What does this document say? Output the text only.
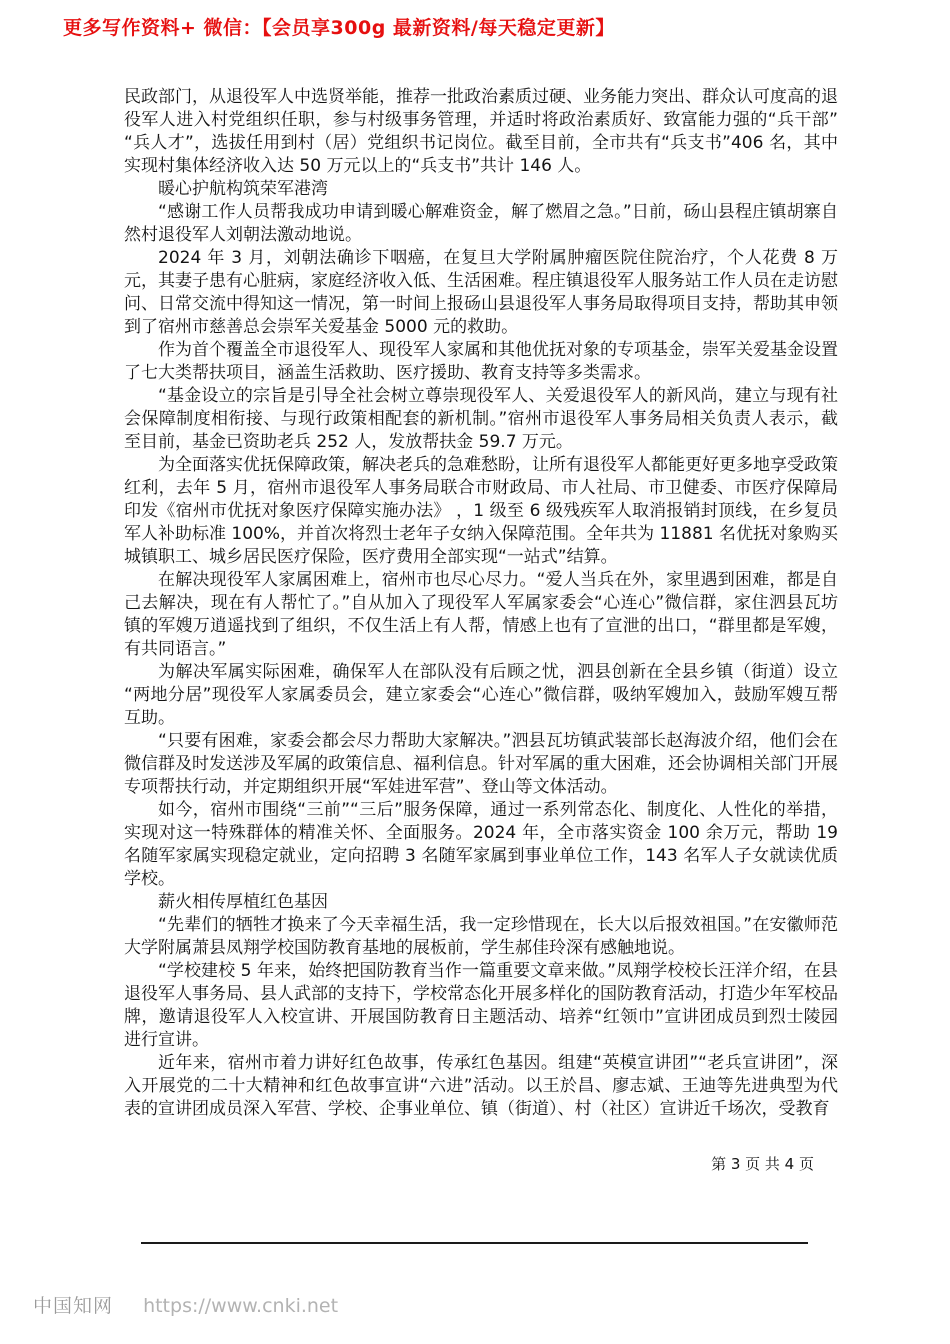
更多写作资料+ 微信：【会员享300g 最新资料/每天稳定更新】

民政部门，从退役军人中选贤举能，推荐一批政治素质过硬、业务能力突出、群众认可度高的退役军人进入村党组织任职，参与村级事务管理，并适时将政治素质好、致富能力强的“兵干部”“兵人才”，选拔任用到村（居）党组织书记岗位。截至目前，全市共有“兵支书”406 名，其中实现村集体经济收入达 50 万元以上的“兵支书”共计 146 人。

暖心护航构筑荣军港湾

“感谢工作人员帮我成功申请到暖心解难资金，解了燃眉之急。”日前，砀山县程庄镇胡寨自然村退役军人刘朝法激动地说。

2024 年 3 月，刘朝法确诊下咽癌，在复旦大学附属肿瘤医院住院治疗，个人花费 8 万元，其妻子患有心脏病，家庭经济收入低、生活困难。程庄镇退役军人服务站工作人员在走访慰问、日常交流中得知这一情况，第一时间上报砀山县退役军人事务局取得项目支持，帮助其申领到了宿州市慈善总会崇军关爱基金 5000 元的救助。

作为首个覆盖全市退役军人、现役军人家属和其他优抚对象的专项基金，崇军关爱基金设置了七大类帮扶项目，涵盖生活救助、医疗援助、教育支持等多类需求。

“基金设立的宗旨是引导全社会树立尊崇现役军人、关爱退役军人的新风尚，建立与现有社会保障制度相衔接、与现行政策相配套的新机制。”宿州市退役军人事务局相关负责人表示，截至目前，基金已资助老兵 252 人，发放帮扶金 59.7 万元。

为全面落实优抚保障政策，解决老兵的急难愁盼，让所有退役军人都能更好更多地享受政策红利，去年 5 月，宿州市退役军人事务局联合市财政局、市人社局、市卫健委、市医疗保障局印发《宿州市优抚对象医疗保障实施办法》 ，1 级至 6 级残疾军人取消报销封顶线，在乡复员军人补助标准 100%，并首次将烈士老年子女纳入保障范围。全年共为 11881 名优抚对象购买城镇职工、城乡居民医疗保险，医疗费用全部实现“一站式”结算。

在解决现役军人家属困难上，宿州市也尽心尽力。“爱人当兵在外，家里遇到困难，都是自己去解决，现在有人帮忙了。”自从加入了现役军人军属家委会“心连心”微信群，家住泗县瓦坊镇的军嫂万逍遥找到了组织，不仅生活上有人帮，情感上也有了宣泄的出口，“群里都是军嫂，有共同语言。”

为解决军属实际困难，确保军人在部队没有后顾之忧，泗县创新在全县乡镇（街道）设立“两地分居”现役军人家属委员会，建立家委会“心连心”微信群，吸纳军嫂加入，鼓励军嫂互帮互助。

“只要有困难，家委会都会尽力帮助大家解决。”泗县瓦坊镇武装部长赵海波介绍，他们会在微信群及时发送涉及军属的政策信息、福利信息。针对军属的重大困难，还会协调相关部门开展专项帮扶行动，并定期组织开展“军娃进军营”、登山等文体活动。

如今，宿州市围绕“三前”“三后”服务保障，通过一系列常态化、制度化、人性化的举措，实现对这一特殊群体的精准关怀、全面服务。2024 年，全市落实资金 100 余万元，帮助 19 名随军家属实现稳定就业，定向招聘 3 名随军家属到事业单位工作，143 名军人子女就读优质学校。

薪火相传厚植红色基因

“先辈们的牺牲才换来了今天幸福生活，我一定珍惜现在，长大以后报效祖国。”在安徽师范大学附属萧县凤翔学校国防教育基地的展板前，学生郝佳玲深有感触地说。

“学校建校 5 年来，始终把国防教育当作一篇重要文章来做。”凤翔学校校长汪洋介绍，在县退役军人事务局、县人武部的支持下，学校常态化开展多样化的国防教育活动，打造少年军校品牌，邀请退役军人入校宣讲、开展国防教育日主题活动、培养“红领巾”宣讲团成员到烈士陵园进行宣讲。

近年来，宿州市着力讲好红色故事，传承红色基因。组建“英模宣讲团”“老兵宣讲团”，深入开展党的二十大精神和红色故事宣讲“六进”活动。以王於昌、廖志斌、王迪等先进典型为代表的宣讲团成员深入军营、学校、企事业单位、镇（街道）、村（社区）宣讲近千场次，受教育

第 3 页 共 4 页
中国知网 https://www.cnki.net
